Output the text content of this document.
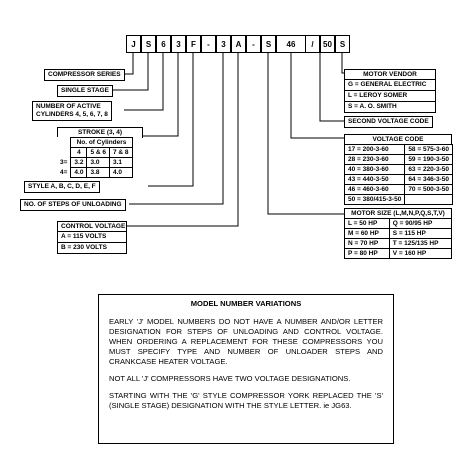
J	S	6	3	F	-	3	A	-	S	46	/	50 S
COMPRESSOR SERIES
SINGLE STAGE
NUMBER OF ACTIVE
CYLINDERS 4, 5, 6, 7, 8
STROKE (3, 4)
	No. of Cylinders		
	4	5 & 6	7 & 8
3=	3.2	3.0	3.1
4=	4.0	3.8	4.0
STYLE A, B, C, D, E, F
NO. OF STEPS OF UNLOADING
CONTROL VOLTAGE
A = 115 VOLTS
B = 230 VOLTS
MOTOR VENDOR
G = GENERAL ELECTRIC
L = LEROY SOMER
S = A. O. SMITH
SECOND VOLTAGE CODE
VOLTAGE CODE
17 = 200-3-60	58 = 575-3-60
28 = 230-3-60	59 = 190-3-50
40 = 380-3-60	63 = 220-3-50
43 = 440-3-50	64 = 346-3-50
46 = 460-3-60	70 = 500-3-50
50 = 380/415-3-50	
MOTOR SIZE (L,M,N,P,Q,S,T,V)
L = 50 HP	Q = 90/95 HP
M = 60 HP	S = 115 HP
N = 70 HP	T = 125/135 HP
P = 80 HP	V = 160 HP

MODEL NUMBER VARIATIONS

EARLY 'J' MODEL NUMBERS DO NOT HAVE A NUMBER AND/OR LETTER DESIGNATION FOR STEPS OF UNLOADING AND CONTROL VOLTAGE. WHEN ORDERING A REPLACEMENT FOR THESE COMPRESSORS YOU MUST SPECIFY TYPE AND NUMBER OF UNLOADER STEPS AND CRANKCASE HEATER VOLTAGE.

NOT ALL 'J' COMPRESSORS HAVE TWO VOLTAGE DESIGNATIONS.

STARTING WITH THE 'G' STYLE COMPRESSOR YORK REPLACED THE 'S' (SINGLE STAGE) DESIGNATION WITH THE STYLE LETTER. ie JG63.
